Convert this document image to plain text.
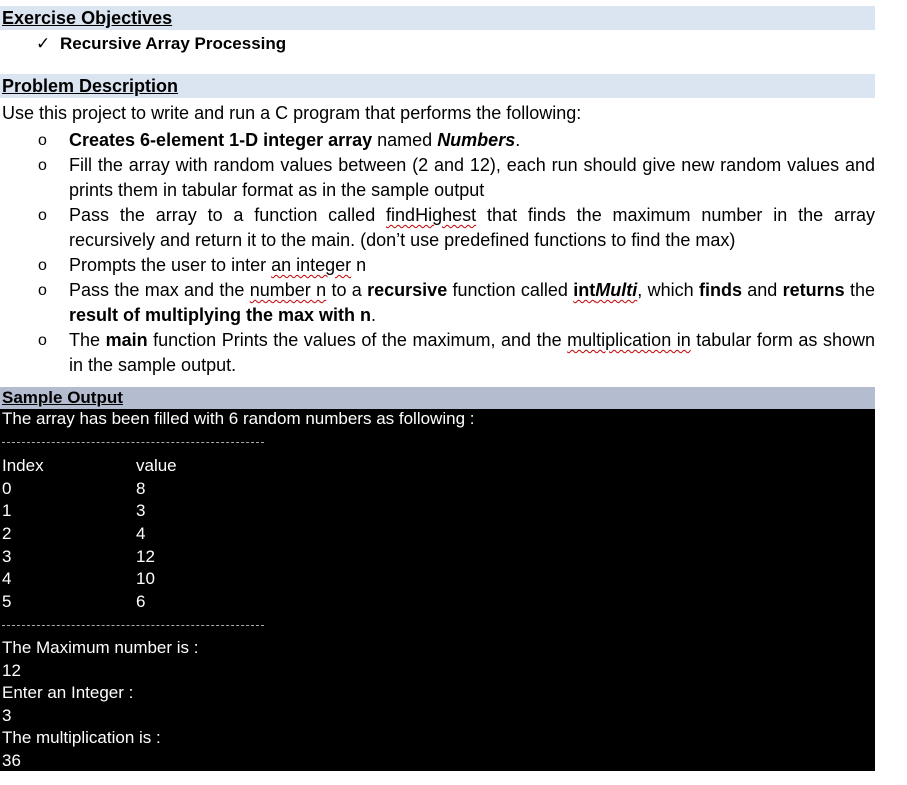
Exercise Objectives
✓ Recursive Array Processing
Problem Description
Use this project to write and run a C program that performs the following:
o Creates 6-element 1-D integer array named Numbers.
o Fill the array with random values between (2 and 12), each run should give new random values and prints them in tabular format as in the sample output
o Pass the array to a function called findHighest that finds the maximum number in the array recursively and return it to the main. (don’t use predefined functions to find the max)
o Prompts the user to inter an integer n
o Pass the max and the number n to a recursive function called intMulti, which finds and returns the result of multiplying the max with n.
o The main function Prints the values of the maximum, and the multiplication in tabular form as shown in the sample output.
Sample Output
The array has been filled with 6 random numbers as following :
Index	value
0	8
1	3
2	4
3	12
4	10
5	6
The Maximum number is :
12
Enter an Integer :
3
The multiplication is :
36
